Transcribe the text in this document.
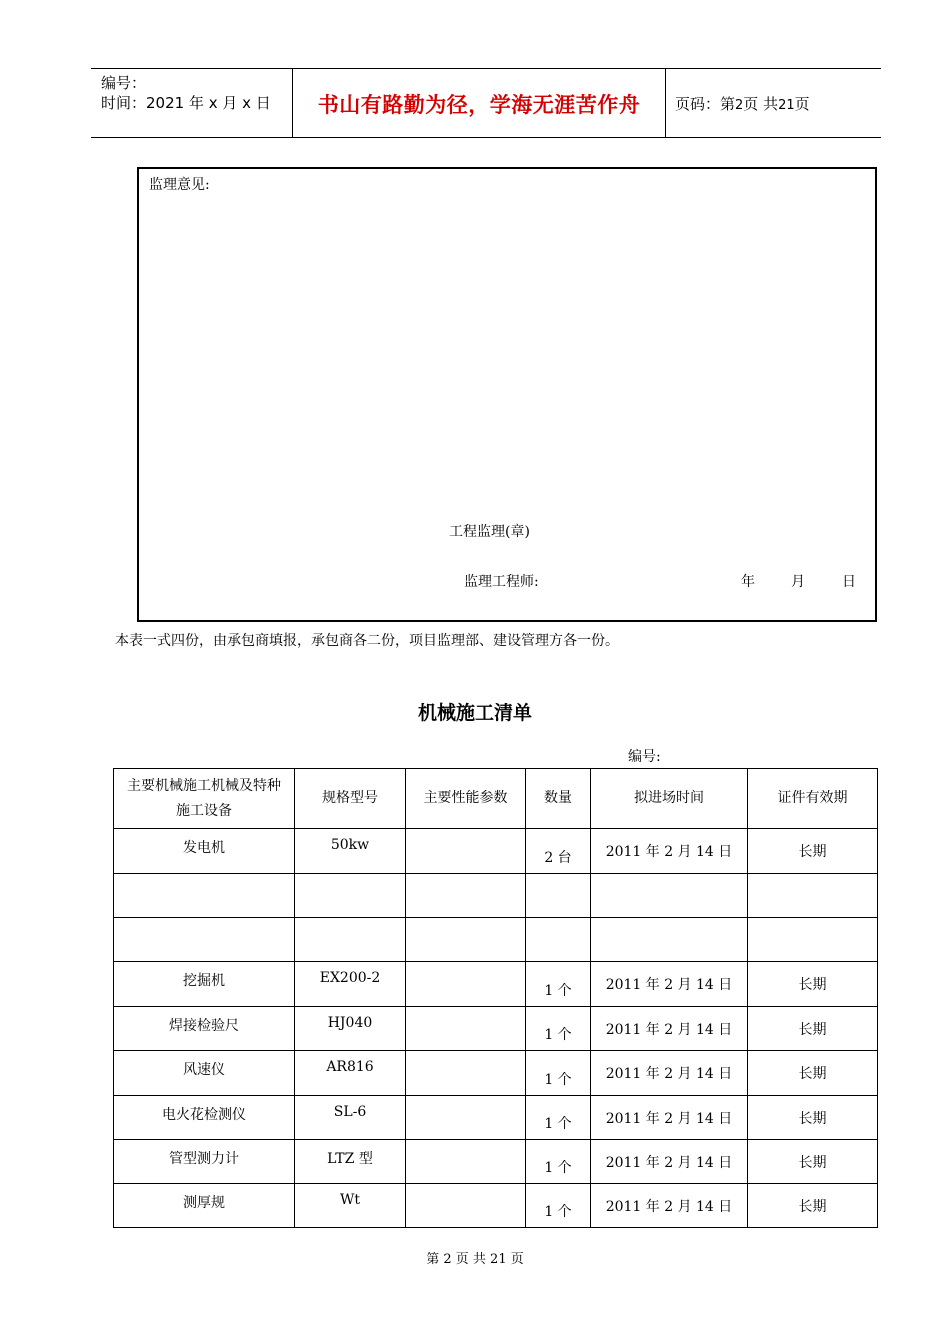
编号：
时间：2021 年 x 月 x 日	书山有路勤为径，学海无涯苦作舟	页码：第2页 共21页
监理意见:
工程监理(章)
监理工程师:	年	月	日
本表一式四份，由承包商填报，承包商各二份，项目监理部、建设管理方各一份。
机械施工清单
编号:
主要机械施工机械及特种施工设备	规格型号	主要性能参数	数量	拟进场时间	证件有效期
发电机	50kw		2 台	2011 年 2 月 14 日	长期

挖掘机	EX200-2		1 个	2011 年 2 月 14 日	长期
焊接检验尺	HJ040		1 个	2011 年 2 月 14 日	长期
风速仪	AR816		1 个	2011 年 2 月 14 日	长期
电火花检测仪	SL-6		1 个	2011 年 2 月 14 日	长期
管型测力计	LTZ 型		1 个	2011 年 2 月 14 日	长期
测厚规	Wt		1 个	2011 年 2 月 14 日	长期
第 2 页 共 21 页
